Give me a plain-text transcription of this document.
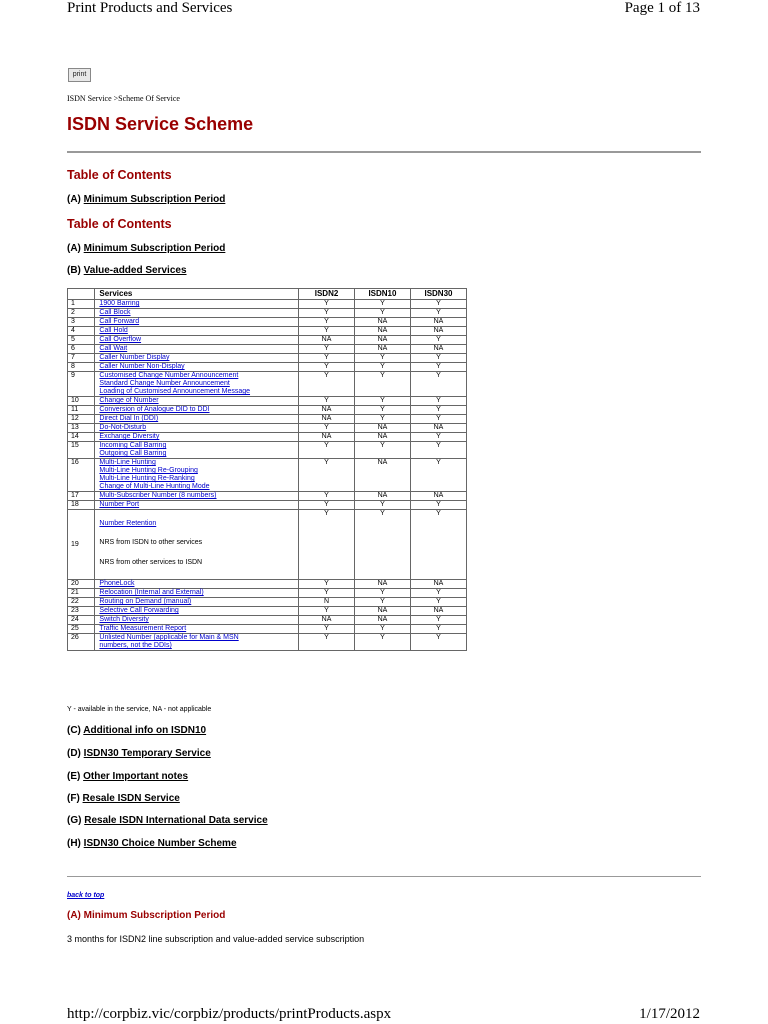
Print Products and Services	Page 1 of 13
print
ISDN Service >Scheme Of Service
ISDN Service Scheme
Table of Contents
(A) Minimum Subscription Period
Table of Contents
(A) Minimum Subscription Period
(B) Value-added Services
	Services	ISDN2	ISDN10	ISDN30
1	1900 Barring	Y	Y	Y
2	Call Block	Y	Y	Y
3	Call Forward	Y	NA	NA
4	Call Hold	Y	NA	NA
5	Call Overflow	NA	NA	Y
6	Call Wait	Y	NA	NA
7	Caller Number Display	Y	Y	Y
8	Caller Number Non-Display	Y	Y	Y
9	Customised Change Number Announcement
Standard Change Number Announcement
Loading of Customised Announcement Message	Y	Y	Y
10	Change of Number	Y	Y	Y
11	Conversion of Analogue DID to DDI	NA	Y	Y
12	Direct Dial In (DDI)	NA	Y	Y
13	Do-Not-Disturb	Y	NA	NA
14	Exchange Diversity	NA	NA	Y
15	Incoming Call Barring
Outgoing Call Barring	Y	Y	Y
16	Multi-Line Hunting
Multi-Line Hunting Re-Grouping
Multi-Line Hunting Re-Ranking
Change of Multi-Line Hunting Mode	Y	NA	Y
17	Multi-Subscriber Number (8 numbers)	Y	NA	NA
18	Number Port	Y	Y	Y
19	Number Retention
NRS from ISDN to other services
NRS from other services to ISDN	Y	Y	Y
20	PhoneLock	Y	NA	NA
21	Relocation (Internal and External)	Y	Y	Y
22	Routing on Demand (manual)	N	Y	Y
23	Selective Call Forwarding	Y	NA	NA
24	Switch Diversity	NA	NA	Y
25	Traffic Measurement Report	Y	Y	Y
26	Unlisted Number (applicable for Main & MSN
numbers, not the DDIs)	Y	Y	Y
Y - available in the service, NA - not applicable
(C) Additional info on ISDN10
(D) ISDN30 Temporary Service
(E) Other Important notes
(F) Resale ISDN Service
(G) Resale ISDN International Data service
(H) ISDN30 Choice Number Scheme
back to top
(A) Minimum Subscription Period
3 months for ISDN2 line subscription and value-added service subscription
http://corpbiz.vic/corpbiz/products/printProducts.aspx	1/17/2012
